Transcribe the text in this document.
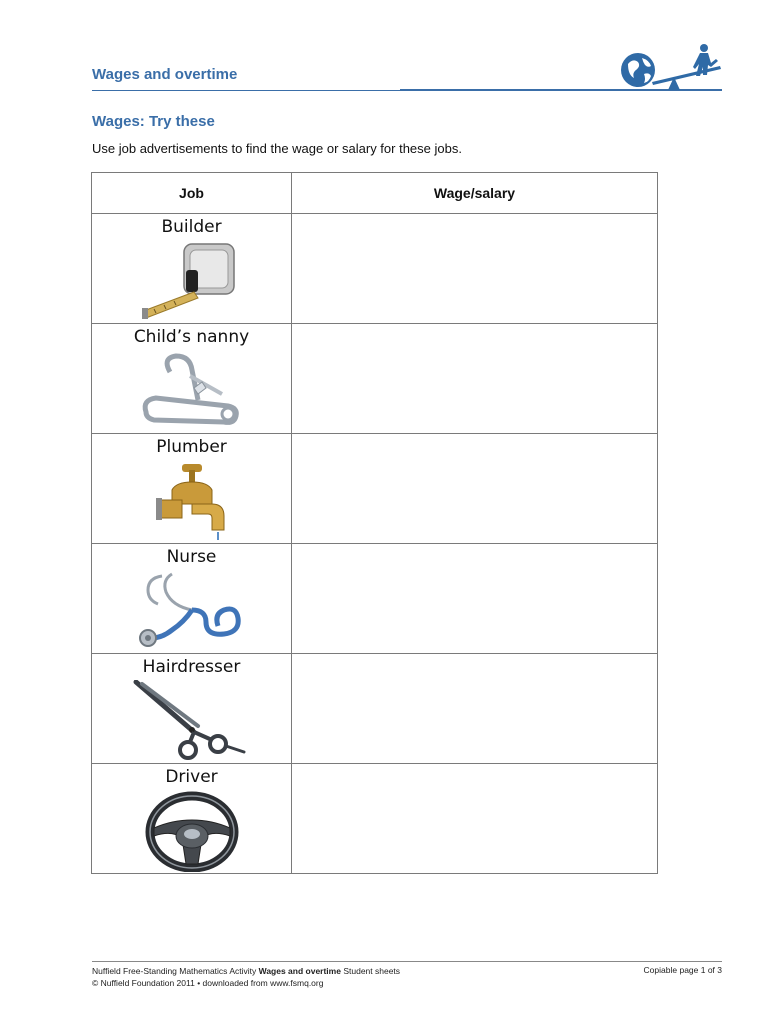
Wages and overtime
Wages: Try these
Use job advertisements to find the wage or salary for these jobs.
Job	Wage/salary

Builder	

Child’s nanny	

Plumber	

Nurse	

Hairdresser	

Driver	

Nuffield Free-Standing Mathematics Activity Wages and overtime Student sheets
© Nuffield Foundation 2011 • downloaded from www.fsmq.org
Copiable page 1 of 3
